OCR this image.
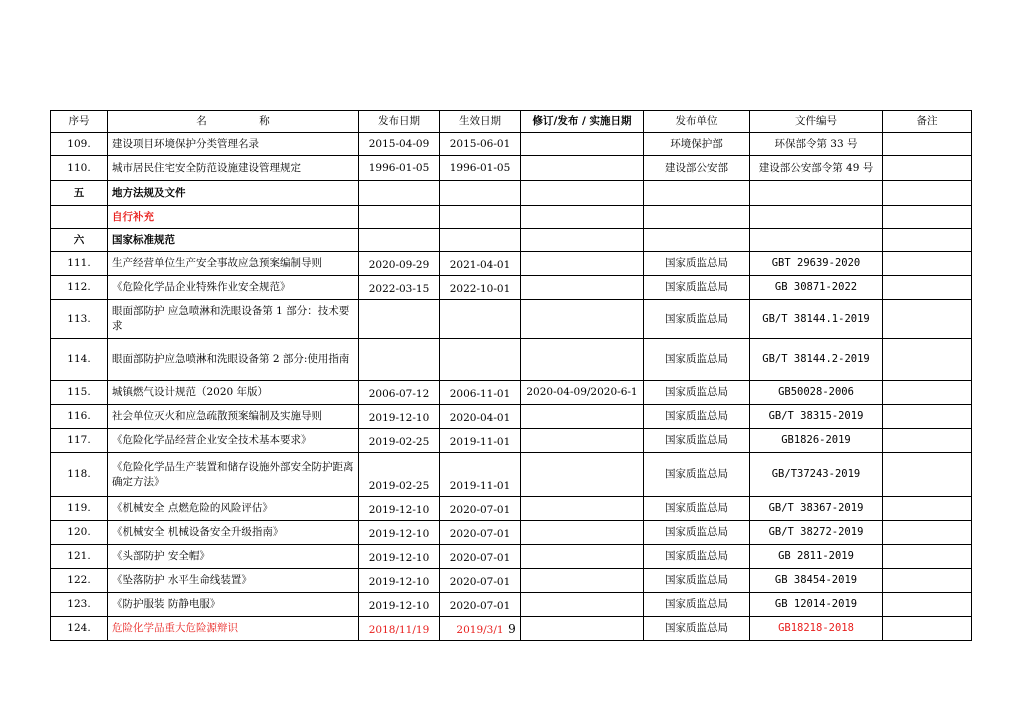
序号	名　　　　　称	发布日期	生效日期	修订/发布 / 实施日期	发布单位	文件编号	备注
109.	建设项目环境保护分类管理名录	2015-04-09	2015-06-01		环境保护部	环保部令第 33 号	
110.	城市居民住宅安全防范设施建设管理规定	1996-01-05	1996-01-05		建设部公安部	建设部公安部令第 49 号	
五	地方法规及文件						
	自行补充						
六	国家标准规范						
111.	生产经营单位生产安全事故应急预案编制导则	2020-09-29	2021-04-01		国家质监总局	GBT 29639-2020	
112.	《危险化学品企业特殊作业安全规范》	2022-03-15	2022-10-01		国家质监总局	GB 30871-2022	
113.	眼面部防护 应急喷淋和洗眼设备第 1 部分：技术要求				国家质监总局	GB/T 38144.1-2019	
114.	眼面部防护应急喷淋和洗眼设备第 2 部分:使用指南				国家质监总局	GB/T 38144.2-2019	
115.	城镇燃气设计规范（2020 年版）	2006-07-12	2006-11-01	2020-04-09/2020-6-1	国家质监总局	GB50028-2006	
116.	社会单位灭火和应急疏散预案编制及实施导则	2019-12-10	2020-04-01		国家质监总局	GB/T 38315-2019	
117.	《危险化学品经营企业安全技术基本要求》	2019-02-25	2019-11-01		国家质监总局	GB1826-2019	
118.	《危险化学品生产装置和储存设施外部安全防护距离确定方法》	2019-02-25	2019-11-01		国家质监总局	GB/T37243-2019	
119.	《机械安全 点燃危险的风险评估》	2019-12-10	2020-07-01		国家质监总局	GB/T 38367-2019	
120.	《机械安全 机械设备安全升级指南》	2019-12-10	2020-07-01		国家质监总局	GB/T 38272-2019	
121.	《头部防护 安全帽》	2019-12-10	2020-07-01		国家质监总局	GB 2811-2019	
122.	《坠落防护 水平生命线装置》	2019-12-10	2020-07-01		国家质监总局	GB 38454-2019	
123.	《防护服装 防静电服》	2019-12-10	2020-07-01		国家质监总局	GB 12014-2019	
124.	危险化学品重大危险源辩识	2018/11/19	2019/3/1		国家质监总局	GB18218-2018	
9
